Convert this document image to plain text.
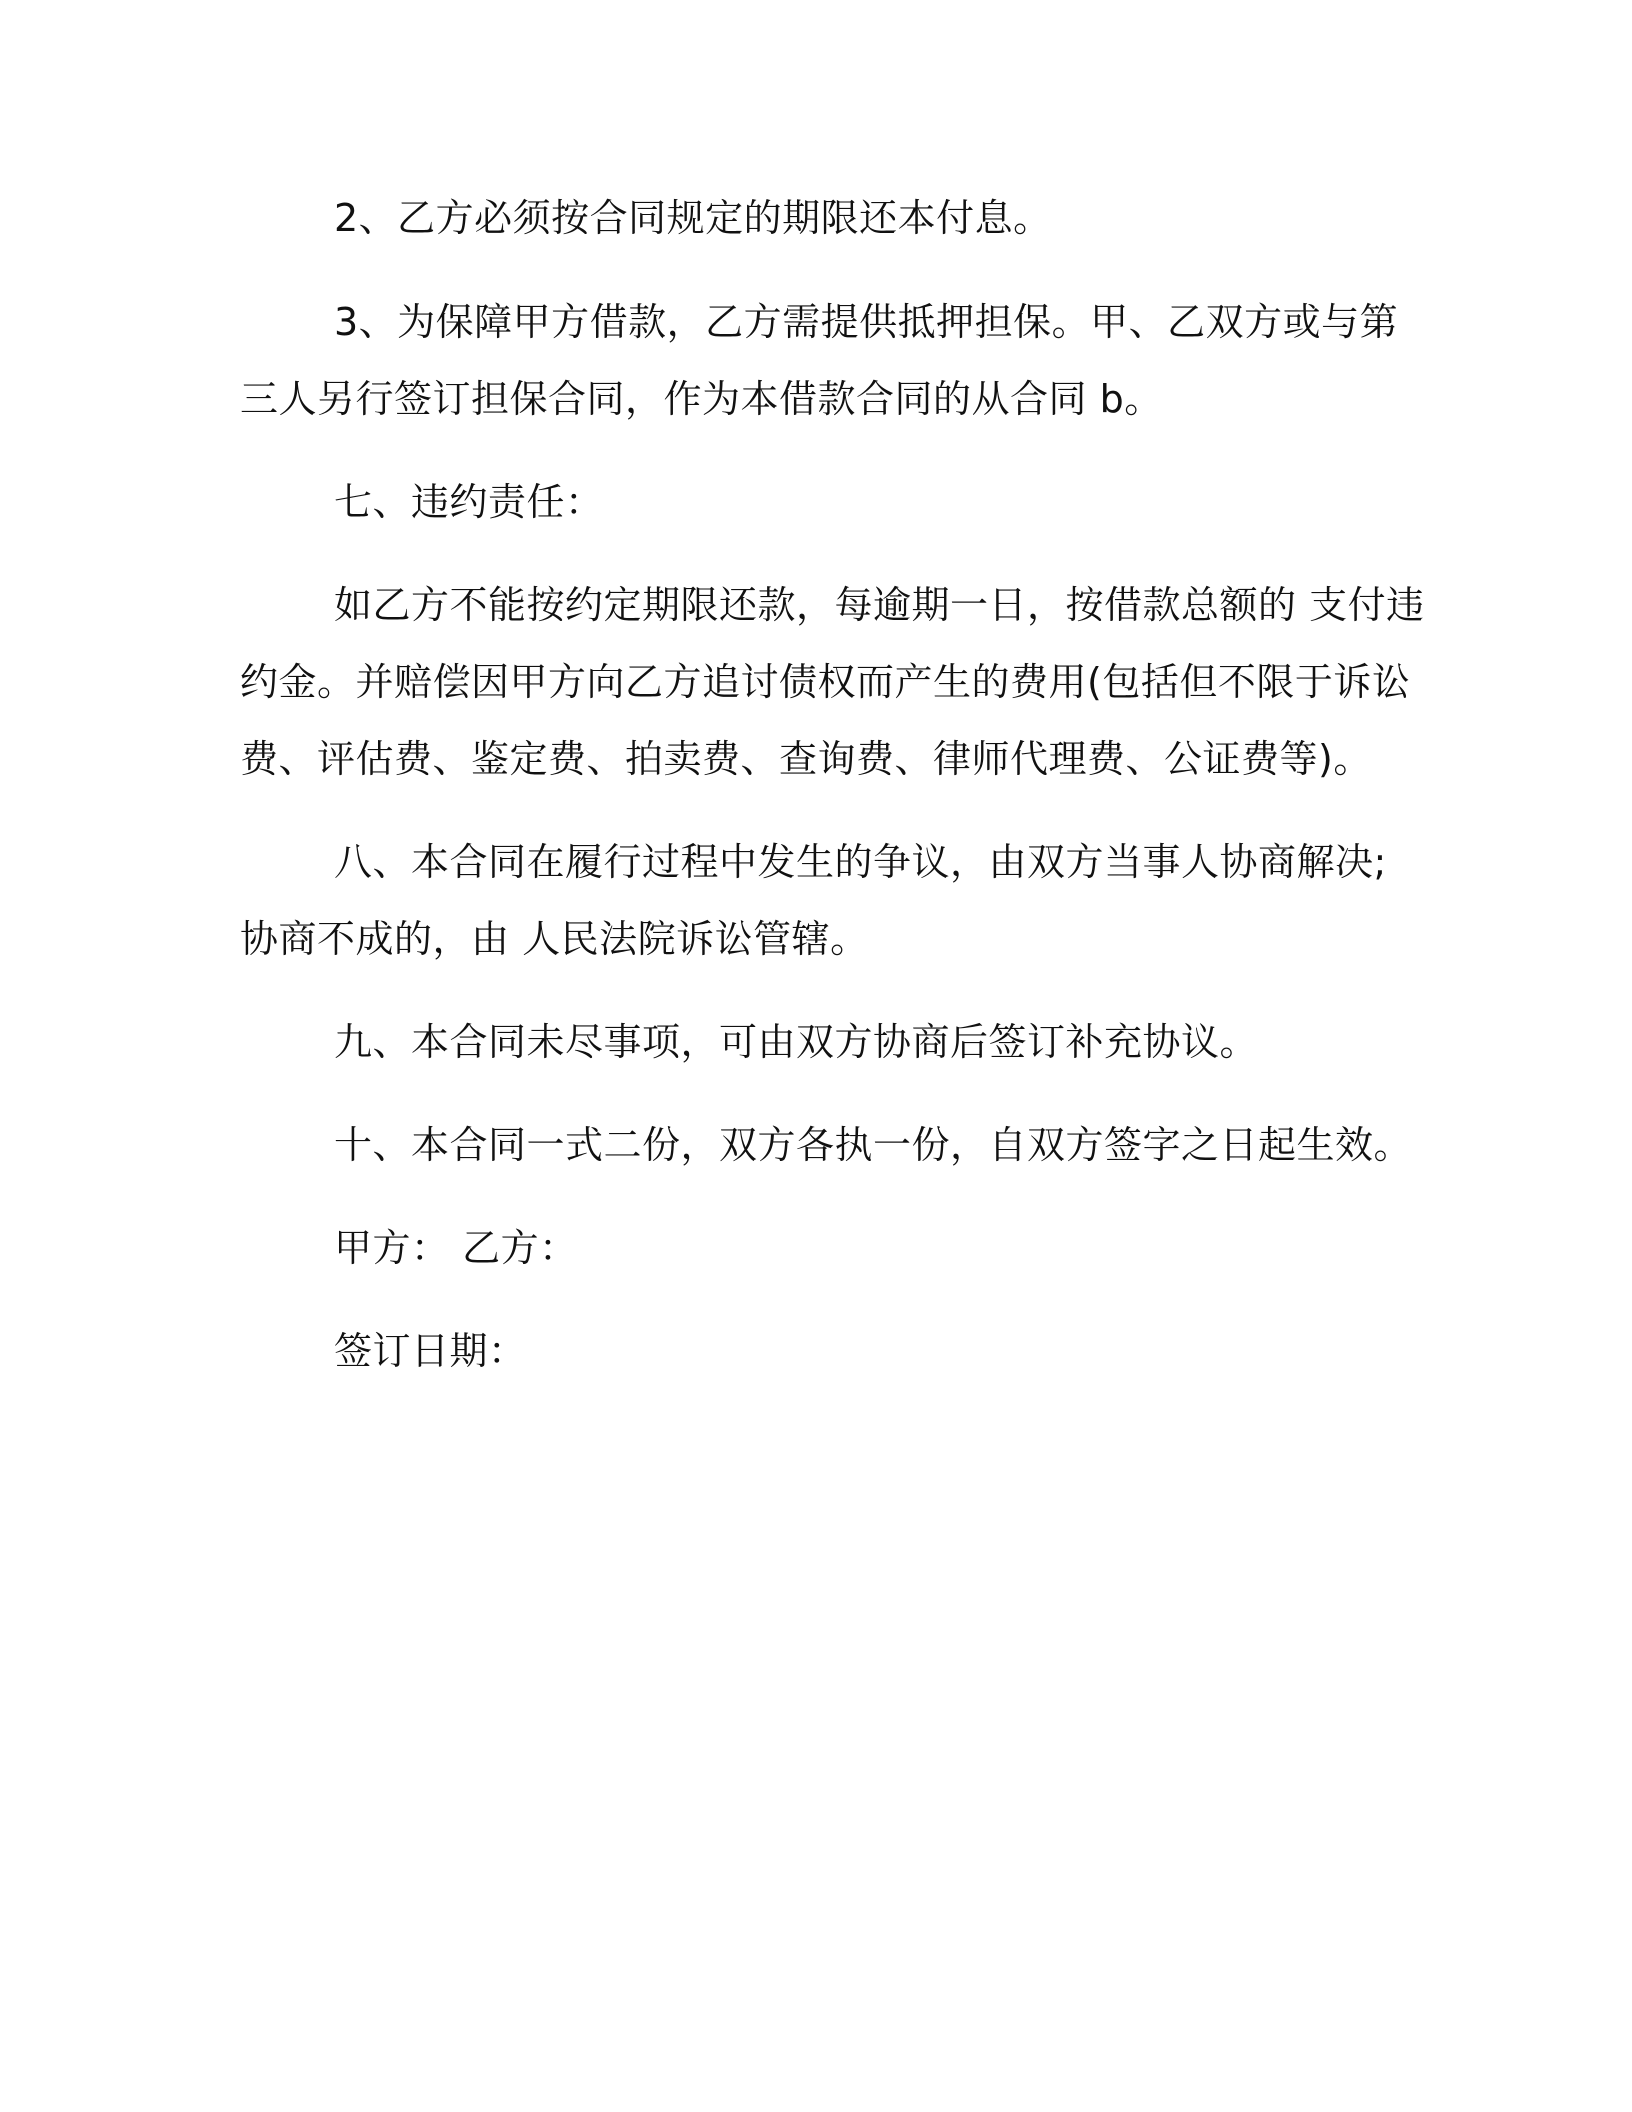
2、乙方必须按合同规定的期限还本付息。
3、为保障甲方借款，乙方需提供抵押担保。甲、乙双方或与第
三人另行签订担保合同，作为本借款合同的从合同 b。
七、违约责任：
如乙方不能按约定期限还款，每逾期一日，按借款总额的 支付违
约金。并赔偿因甲方向乙方追讨债权而产生的费用(包括但不限于诉讼
费、评估费、鉴定费、拍卖费、查询费、律师代理费、公证费等)。
八、本合同在履行过程中发生的争议，由双方当事人协商解决;
协商不成的，由 人民法院诉讼管辖。
九、本合同未尽事项，可由双方协商后签订补充协议。
十、本合同一式二份，双方各执一份，自双方签字之日起生效。
甲方： 乙方：
签订日期：
